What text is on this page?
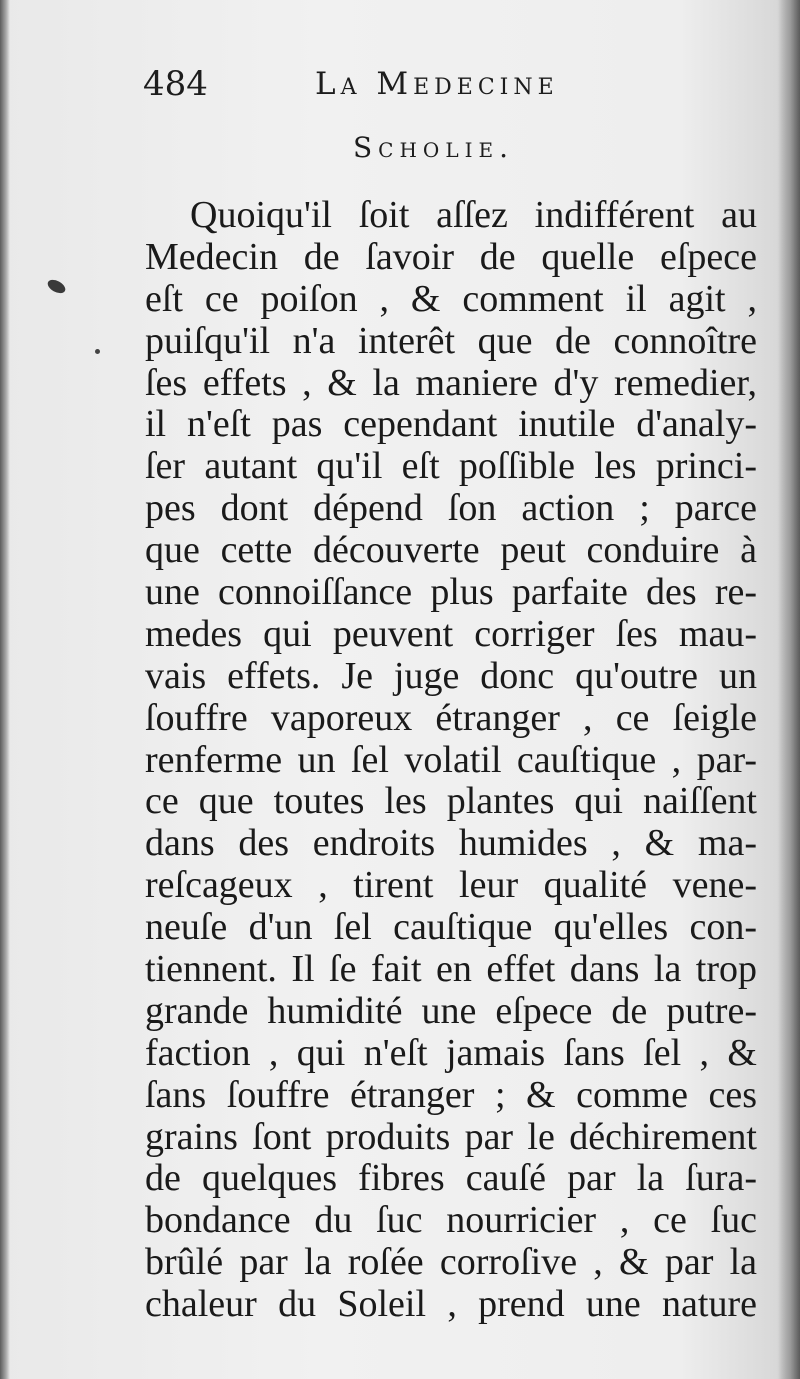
484	La Medecine
Scholie.
Quoiqu'il ſoit aſſez indifférent au
Medecin de ſavoir de quelle eſpece
eſt ce poiſon , & comment il agit ,
puiſqu'il n'a interêt que de connoître
ſes effets , & la maniere d'y remedier,
il n'eſt pas cependant inutile d'analy-
ſer autant qu'il eſt poſſible les princi-
pes dont dépend ſon action ; parce
que cette découverte peut conduire à
une connoiſſance plus parfaite des re-
medes qui peuvent corriger ſes mau-
vais effets. Je juge donc qu'outre un
ſouffre vaporeux étranger , ce ſeigle
renferme un ſel volatil cauſtique , par-
ce que toutes les plantes qui naiſſent
dans des endroits humides , & ma-
reſcageux , tirent leur qualité vene-
neuſe d'un ſel cauſtique qu'elles con-
tiennent. Il ſe fait en effet dans la trop
grande humidité une eſpece de putre-
faction , qui n'eſt jamais ſans ſel , &
ſans ſouffre étranger ; & comme ces
grains ſont produits par le déchirement
de quelques fibres cauſé par la ſura-
bondance du ſuc nourricier , ce ſuc
brûlé par la roſée corroſive , & par la
chaleur du Soleil , prend une nature
